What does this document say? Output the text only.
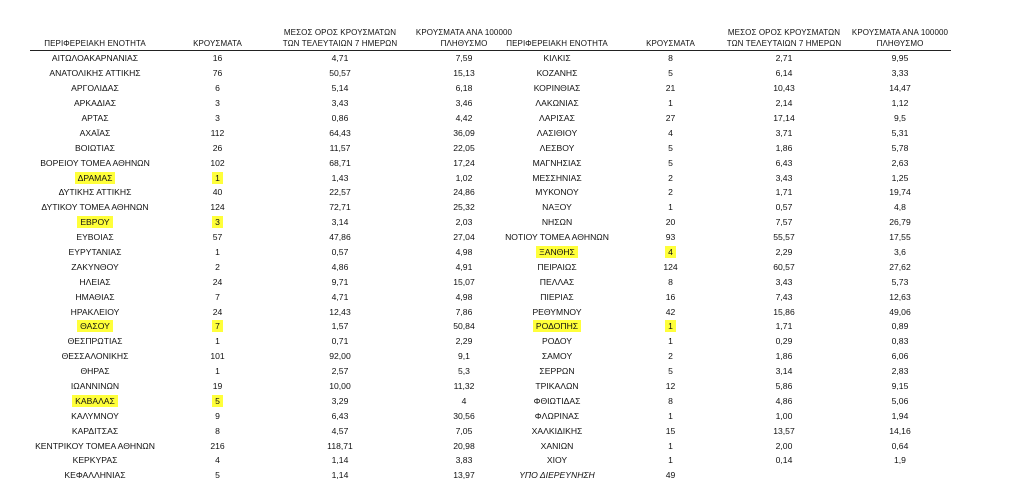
ΠΕΡΙΦΕΡΕΙΑΚΗ ΕΝΟΤΗΤΑ	ΚΡΟΥΣΜΑΤΑ	ΜΕΣΟΣ ΟΡΟΣ ΚΡΟΥΣΜΑΤΩΝ ΤΩΝ ΤΕΛΕΥΤΑΙΩΝ 7 ΗΜΕΡΩΝ	ΚΡΟΥΣΜΑΤΑ ΑΝΑ 100000 ΠΛΗΘΥΣΜΟ
ΑΙΤΩΛΟΑΚΑΡΝΑΝΙΑΣ	16	4,71	7,59
ΑΝΑΤΟΛΙΚΗΣ ΑΤΤΙΚΗΣ	76	50,57	15,13
ΑΡΓΟΛΙΔΑΣ	6	5,14	6,18
ΑΡΚΑΔΙΑΣ	3	3,43	3,46
ΑΡΤΑΣ	3	0,86	4,42
ΑΧΑΪΑΣ	112	64,43	36,09
ΒΟΙΩΤΙΑΣ	26	11,57	22,05
ΒΟΡΕΙΟΥ ΤΟΜΕΑ ΑΘΗΝΩΝ	102	68,71	17,24
ΔΡΑΜΑΣ	1	1,43	1,02
ΔΥΤΙΚΗΣ ΑΤΤΙΚΗΣ	40	22,57	24,86
ΔΥΤΙΚΟΥ ΤΟΜΕΑ ΑΘΗΝΩΝ	124	72,71	25,32
ΕΒΡΟΥ	3	3,14	2,03
ΕΥΒΟΙΑΣ	57	47,86	27,04
ΕΥΡΥΤΑΝΙΑΣ	1	0,57	4,98
ΖΑΚΥΝΘΟΥ	2	4,86	4,91
ΗΛΕΙΑΣ	24	9,71	15,07
ΗΜΑΘΙΑΣ	7	4,71	4,98
ΗΡΑΚΛΕΙΟΥ	24	12,43	7,86
ΘΑΣΟΥ	7	1,57	50,84
ΘΕΣΠΡΩΤΙΑΣ	1	0,71	2,29
ΘΕΣΣΑΛΟΝΙΚΗΣ	101	92,00	9,1
ΘΗΡΑΣ	1	2,57	5,3
ΙΩΑΝΝΙΝΩΝ	19	10,00	11,32
ΚΑΒΑΛΑΣ	5	3,29	4
ΚΑΛΥΜΝΟΥ	9	6,43	30,56
ΚΑΡΔΙΤΣΑΣ	8	4,57	7,05
ΚΕΝΤΡΙΚΟΥ ΤΟΜΕΑ ΑΘΗΝΩΝ	216	118,71	20,98
ΚΕΡΚΥΡΑΣ	4	1,14	3,83
ΚΕΦΑΛΛΗΝΙΑΣ	5	1,14	13,97
ΠΕΡΙΦΕΡΕΙΑΚΗ ΕΝΟΤΗΤΑ	ΚΡΟΥΣΜΑΤΑ	ΜΕΣΟΣ ΟΡΟΣ ΚΡΟΥΣΜΑΤΩΝ ΤΩΝ ΤΕΛΕΥΤΑΙΩΝ 7 ΗΜΕΡΩΝ	ΚΡΟΥΣΜΑΤΑ ΑΝΑ 100000 ΠΛΗΘΥΣΜΟ
ΚΙΛΚΙΣ	8	2,71	9,95
ΚΟΖΑΝΗΣ	5	6,14	3,33
ΚΟΡΙΝΘΙΑΣ	21	10,43	14,47
ΛΑΚΩΝΙΑΣ	1	2,14	1,12
ΛΑΡΙΣΑΣ	27	17,14	9,5
ΛΑΣΙΘΙΟΥ	4	3,71	5,31
ΛΕΣΒΟΥ	5	1,86	5,78
ΜΑΓΝΗΣΙΑΣ	5	6,43	2,63
ΜΕΣΣΗΝΙΑΣ	2	3,43	1,25
ΜΥΚΟΝΟΥ	2	1,71	19,74
ΝΑΞΟΥ	1	0,57	4,8
ΝΗΣΩΝ	20	7,57	26,79
ΝΟΤΙΟΥ ΤΟΜΕΑ ΑΘΗΝΩΝ	93	55,57	17,55
ΞΑΝΘΗΣ	4	2,29	3,6
ΠΕΙΡΑΙΩΣ	124	60,57	27,62
ΠΕΛΛΑΣ	8	3,43	5,73
ΠΙΕΡΙΑΣ	16	7,43	12,63
ΡΕΘΥΜΝΟΥ	42	15,86	49,06
ΡΟΔΟΠΗΣ	1	1,71	0,89
ΡΟΔΟΥ	1	0,29	0,83
ΣΑΜΟΥ	2	1,86	6,06
ΣΕΡΡΩΝ	5	3,14	2,83
ΤΡΙΚΑΛΩΝ	12	5,86	9,15
ΦΘΙΩΤΙΔΑΣ	8	4,86	5,06
ΦΛΩΡΙΝΑΣ	1	1,00	1,94
ΧΑΛΚΙΔΙΚΗΣ	15	13,57	14,16
ΧΑΝΙΩΝ	1	2,00	0,64
ΧΙΟΥ	1	0,14	1,9
ΥΠΟ ΔΙΕΡΕΥΝΗΣΗ	49		
